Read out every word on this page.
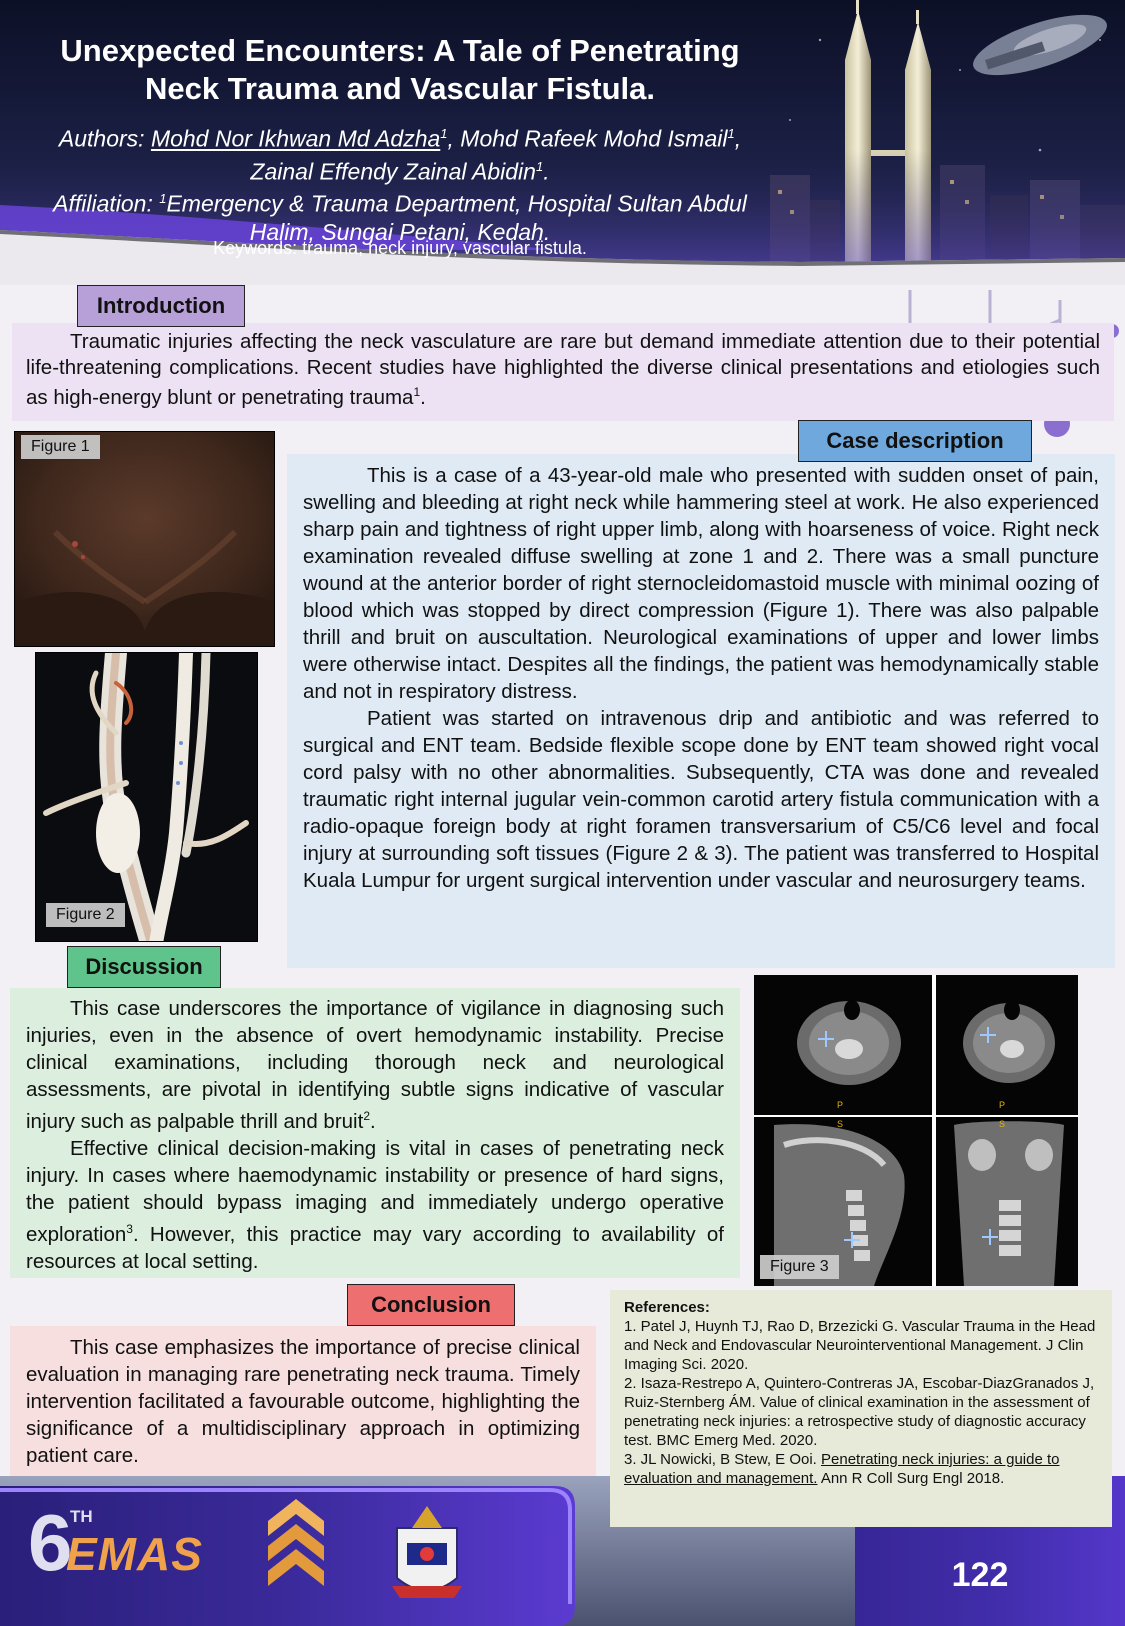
Unexpected Encounters: A Tale of Penetrating
Neck Trauma and Vascular Fistula.
Authors: Mohd Nor Ikhwan Md Adzha$^1$, Mohd Rafeek Mohd Ismail$^1$, Zainal Effendy Zainal Abidin$^1$.
Affiliation: $^1$Emergency & Trauma Department, Hospital Sultan Abdul Halim, Sungai Petani, Kedah.
Keywords: trauma, neck injury, vascular fistula.
Introduction

Traumatic injuries affecting the neck vasculature are rare but demand immediate attention due to their potential life-threatening complications. Recent studies have highlighted the diverse clinical presentations and etiologies such as high-energy blunt or penetrating trauma$^1$.

Figure 1
Figure 2
Case description

This is a case of a 43-year-old male who presented with sudden onset of pain, swelling and bleeding at right neck while hammering steel at work. He also experienced sharp pain and tightness of right upper limb, along with hoarseness of voice. Right neck examination revealed diffuse swelling at zone 1 and 2. There was a small puncture wound at the anterior border of right sternocleidomastoid muscle with minimal oozing of blood which was stopped by direct compression (Figure 1). There was also palpable thrill and bruit on auscultation. Neurological examinations of upper and lower limbs were otherwise intact. Despites all the findings, the patient was hemodynamically stable and not in respiratory distress.

Patient was started on intravenous drip and antibiotic and was referred to surgical and ENT team. Bedside flexible scope done by ENT team showed right vocal cord palsy with no other abnormalities. Subsequently, CTA was done and revealed traumatic right internal jugular vein-common carotid artery fistula communication with a radio-opaque foreign body at right foramen transversarium of C5/C6 level and focal injury at surrounding soft tissues (Figure 2 & 3). The patient was transferred to Hospital Kuala Lumpur for urgent surgical intervention under vascular and neurosurgery teams.

Discussion

This case underscores the importance of vigilance in diagnosing such injuries, even in the absence of overt hemodynamic instability. Precise clinical examinations, including thorough neck and neurological assessments, are pivotal in identifying subtle signs indicative of vascular injury such as palpable thrill and bruit$^2$.

Effective clinical decision-making is vital in cases of penetrating neck injury. In cases where haemodynamic instability or presence of hard signs, the patient should bypass imaging and immediately undergo operative exploration$^3$. However, this practice may vary according to availability of resources at local setting.

P	P
S	S
Figure 3
Conclusion

This case emphasizes the importance of precise clinical evaluation in managing rare penetrating neck trauma. Timely intervention facilitated a favourable outcome, highlighting the significance of a multidisciplinary approach in optimizing patient care.

References:
1. Patel J, Huynh TJ, Rao D, Brzezicki G. Vascular Trauma in the Head and Neck and Endovascular Neurointerventional Management. J Clin Imaging Sci. 2020.
2. Isaza-Restrepo A, Quintero-Contreras JA, Escobar-DiazGranados J, Ruiz-Sternberg ÁM. Value of clinical examination in the assessment of penetrating neck injuries: a retrospective study of diagnostic accuracy test. BMC Emerg Med. 2020.
3. JL Nowicki, B Stew, E Ooi. Penetrating neck injuries: a guide to evaluation and management. Ann R Coll Surg Engl 2018.
6
TH
EMAS	122
